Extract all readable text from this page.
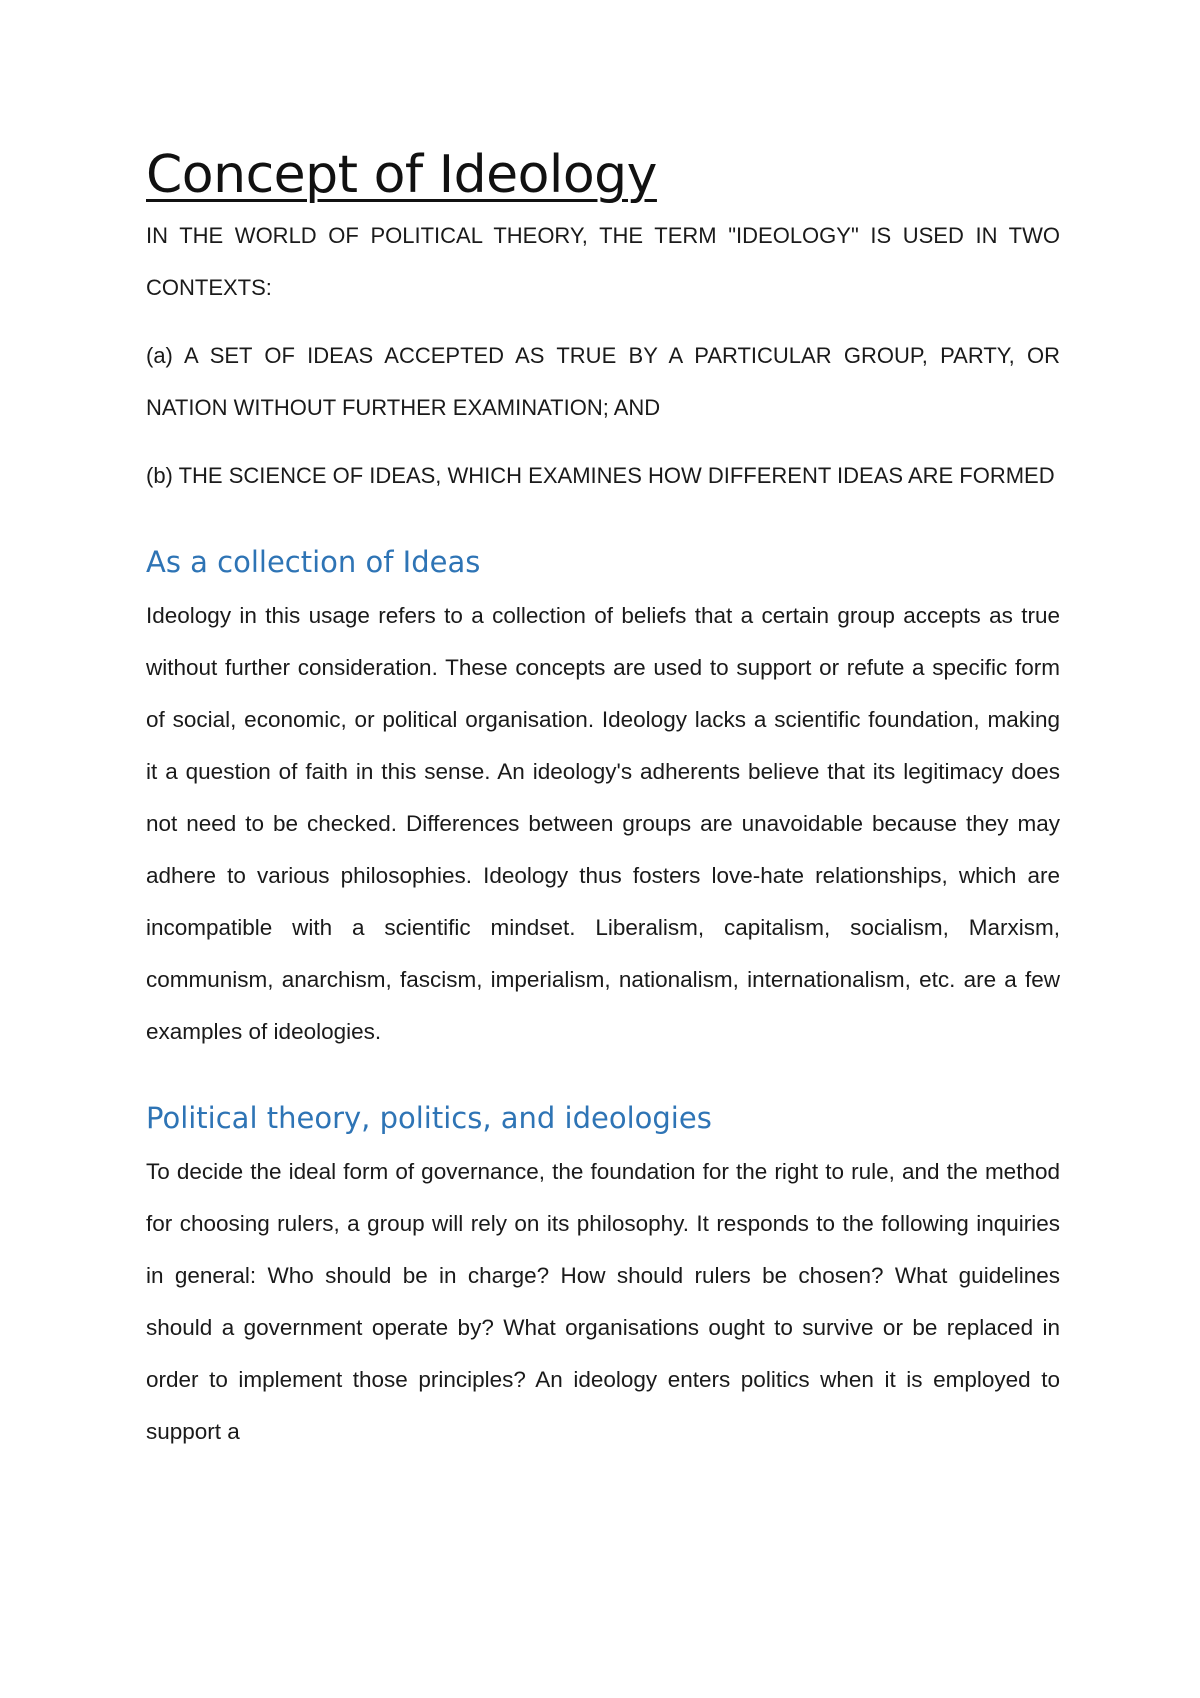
Concept of Ideology

IN THE WORLD OF POLITICAL THEORY, THE TERM "IDEOLOGY" IS USED IN TWO CONTEXTS:

(a) A SET OF IDEAS ACCEPTED AS TRUE BY A PARTICULAR GROUP, PARTY, OR NATION WITHOUT FURTHER EXAMINATION; AND

(b) THE SCIENCE OF IDEAS, WHICH EXAMINES HOW DIFFERENT IDEAS ARE FORMED

As a collection of Ideas

Ideology in this usage refers to a collection of beliefs that a certain group accepts as true without further consideration. These concepts are used to support or refute a specific form of social, economic, or political organisation. Ideology lacks a scientific foundation, making it a question of faith in this sense. An ideology's adherents believe that its legitimacy does not need to be checked. Differences between groups are unavoidable because they may adhere to various philosophies. Ideology thus fosters love-hate relationships, which are incompatible with a scientific mindset. Liberalism, capitalism, socialism, Marxism, communism, anarchism, fascism, imperialism, nationalism, internationalism, etc. are a few examples of ideologies.

Political theory, politics, and ideologies

To decide the ideal form of governance, the foundation for the right to rule, and the method for choosing rulers, a group will rely on its philosophy. It responds to the following inquiries in general: Who should be in charge? How should rulers be chosen? What guidelines should a government operate by? What organisations ought to survive or be replaced in order to implement those principles? An ideology enters politics when it is employed to support a
